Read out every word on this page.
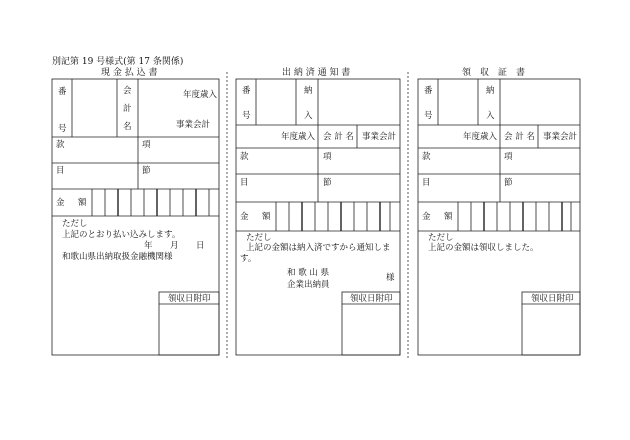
別記第 19 号様式(第 17 条関係)
現 金 払 込 書
番
号
会
計
名
年度歳入
事業会計
款	項
目	節
金 額
ただし
上記のとおり払い込みします。
年 月 日
和歌山県出納取扱金融機関様
領収日附印
出 納 済 通 知 書
番
号
納
入
年度歳入 会 計 名 事業会計
款	項
目	節
金 額
ただし
上記の金額は納入済ですから通知しま
す。
和 歌 山 県	様
企業出納員
領収日附印
領　収　証　書
番
号
納
入
年度歳入 会 計 名 事業会計
款	項
目	節
金 額
ただし
上記の金額は領収しました。
領収日附印
